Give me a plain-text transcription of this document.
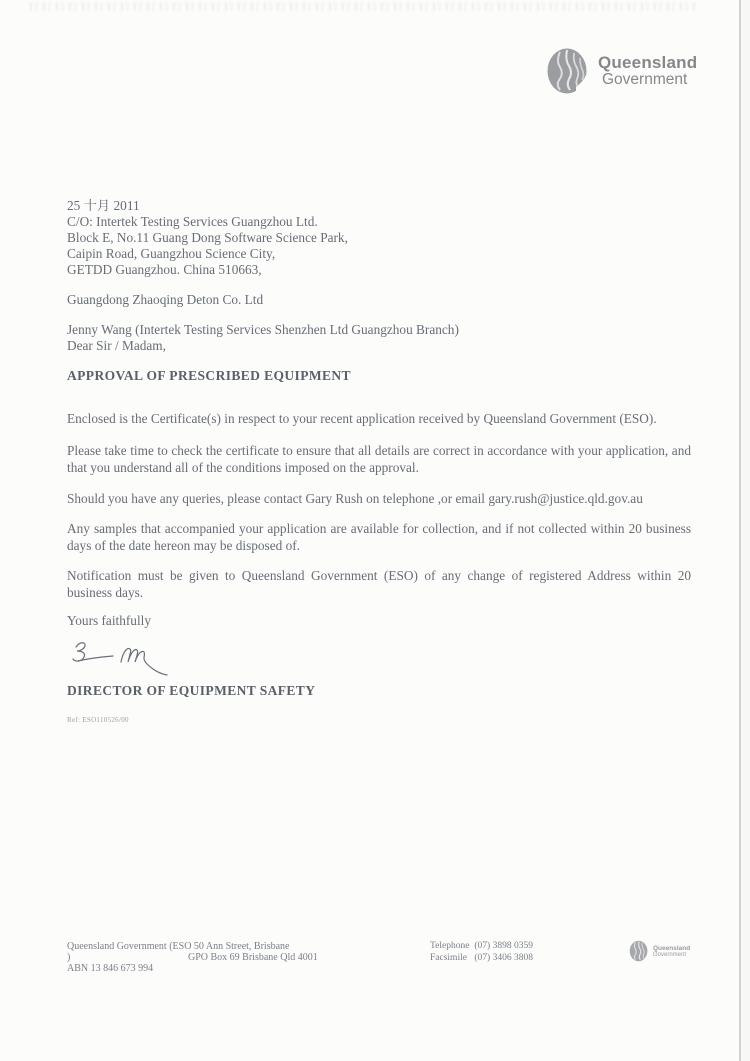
Queensland
Government
25 十月 2011
C/O: Intertek Testing Services Guangzhou Ltd.
Block E, No.11 Guang Dong Software Science Park,
Caipin Road, Guangzhou Science City,
GETDD Guangzhou. China 510663,
Guangdong Zhaoqing Deton Co. Ltd
Jenny Wang (Intertek Testing Services Shenzhen Ltd Guangzhou Branch)
Dear Sir / Madam,
APPROVAL OF PRESCRIBED EQUIPMENT

Enclosed is the Certificate(s) in respect to your recent application received by Queensland Government (ESO).

Please take time to check the certificate to ensure that all details are correct in accordance with your application, and that you understand all of the conditions imposed on the approval.

Should you have any queries, please contact Gary Rush on telephone ,or email gary.rush@justice.qld.gov.au

Any samples that accompanied your application are available for collection, and if not collected within 20 business days of the date hereon may be disposed of.

Notification must be given to Queensland Government (ESO) of any change of registered Address within 20 business days.

Yours faithfully
DIRECTOR OF EQUIPMENT SAFETY
Ref: ESO110526/00
Queensland Government (ESO 50 Ann Street, Brisbane
)	GPO Box 69 Brisbane Qld 4001
ABN 13 846 673 994
Telephone (07) 3898 0359
Facsimile (07) 3406 3808
Queensland
Government
